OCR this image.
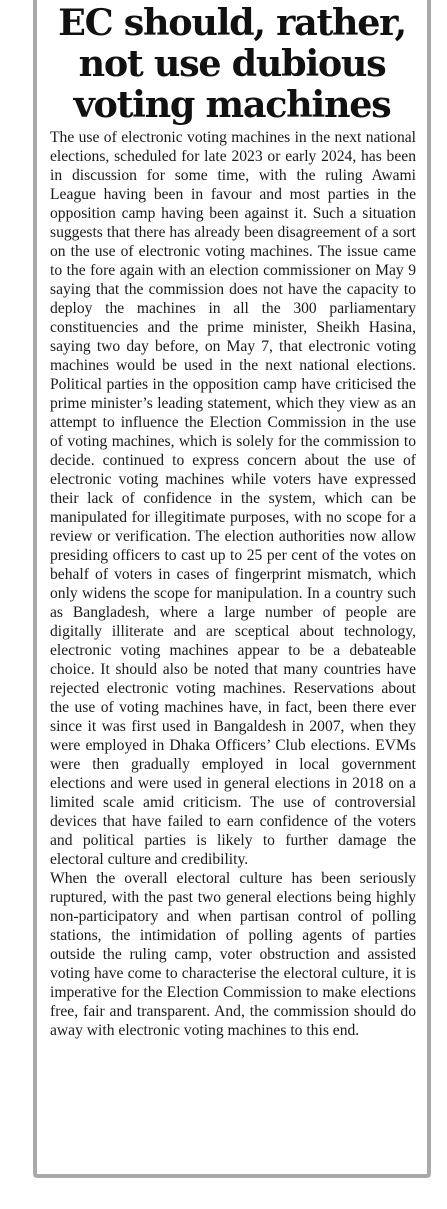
EC should, rather,
not use dubious
voting machines

The use of electronic voting machines in the next national elections, scheduled for late 2023 or early 2024, has been in discussion for some time, with the ruling Awami League having been in favour and most parties in the opposition camp having been against it. Such a situation suggests that there has already been disagreement of a sort on the use of electronic voting machines. The issue came to the fore again with an election commissioner on May 9 saying that the commission does not have the capacity to deploy the machines in all the 300 parliamentary constituencies and the prime minister, Sheikh Hasina, saying two day before, on May 7, that electronic voting machines would be used in the next national elections. Political parties in the opposition camp have criticised the prime minister’s leading statement, which they view as an attempt to influence the Election Commission in the use of voting machines, which is solely for the commission to decide. continued to express concern about the use of electronic voting machines while voters have expressed their lack of confidence in the system, which can be manipulated for illegitimate purposes, with no scope for a review or verification. The election authorities now allow presiding officers to cast up to 25 per cent of the votes on behalf of voters in cases of fingerprint mismatch, which only widens the scope for manipulation. In a country such as Bangladesh, where a large number of people are digitally illiterate and are sceptical about technology, electronic voting machines appear to be a debateable choice. It should also be noted that many countries have rejected electronic voting machines. Reservations about the use of voting machines have, in fact, been there ever since it was first used in Bangaldesh in 2007, when they were employed in Dhaka Officers’ Club elections. EVMs were then gradually employed in local government elections and were used in general elections in 2018 on a limited scale amid criticism. The use of controversial devices that have failed to earn confidence of the voters and political parties is likely to further damage the electoral culture and credibility.

When the overall electoral culture has been seriously ruptured, with the past two general elections being highly non-participatory and when partisan control of polling stations, the intimidation of polling agents of parties outside the ruling camp, voter obstruction and assisted voting have come to characterise the electoral culture, it is imperative for the Election Commission to make elections free, fair and transparent. And, the commission should do away with electronic voting machines to this end.
